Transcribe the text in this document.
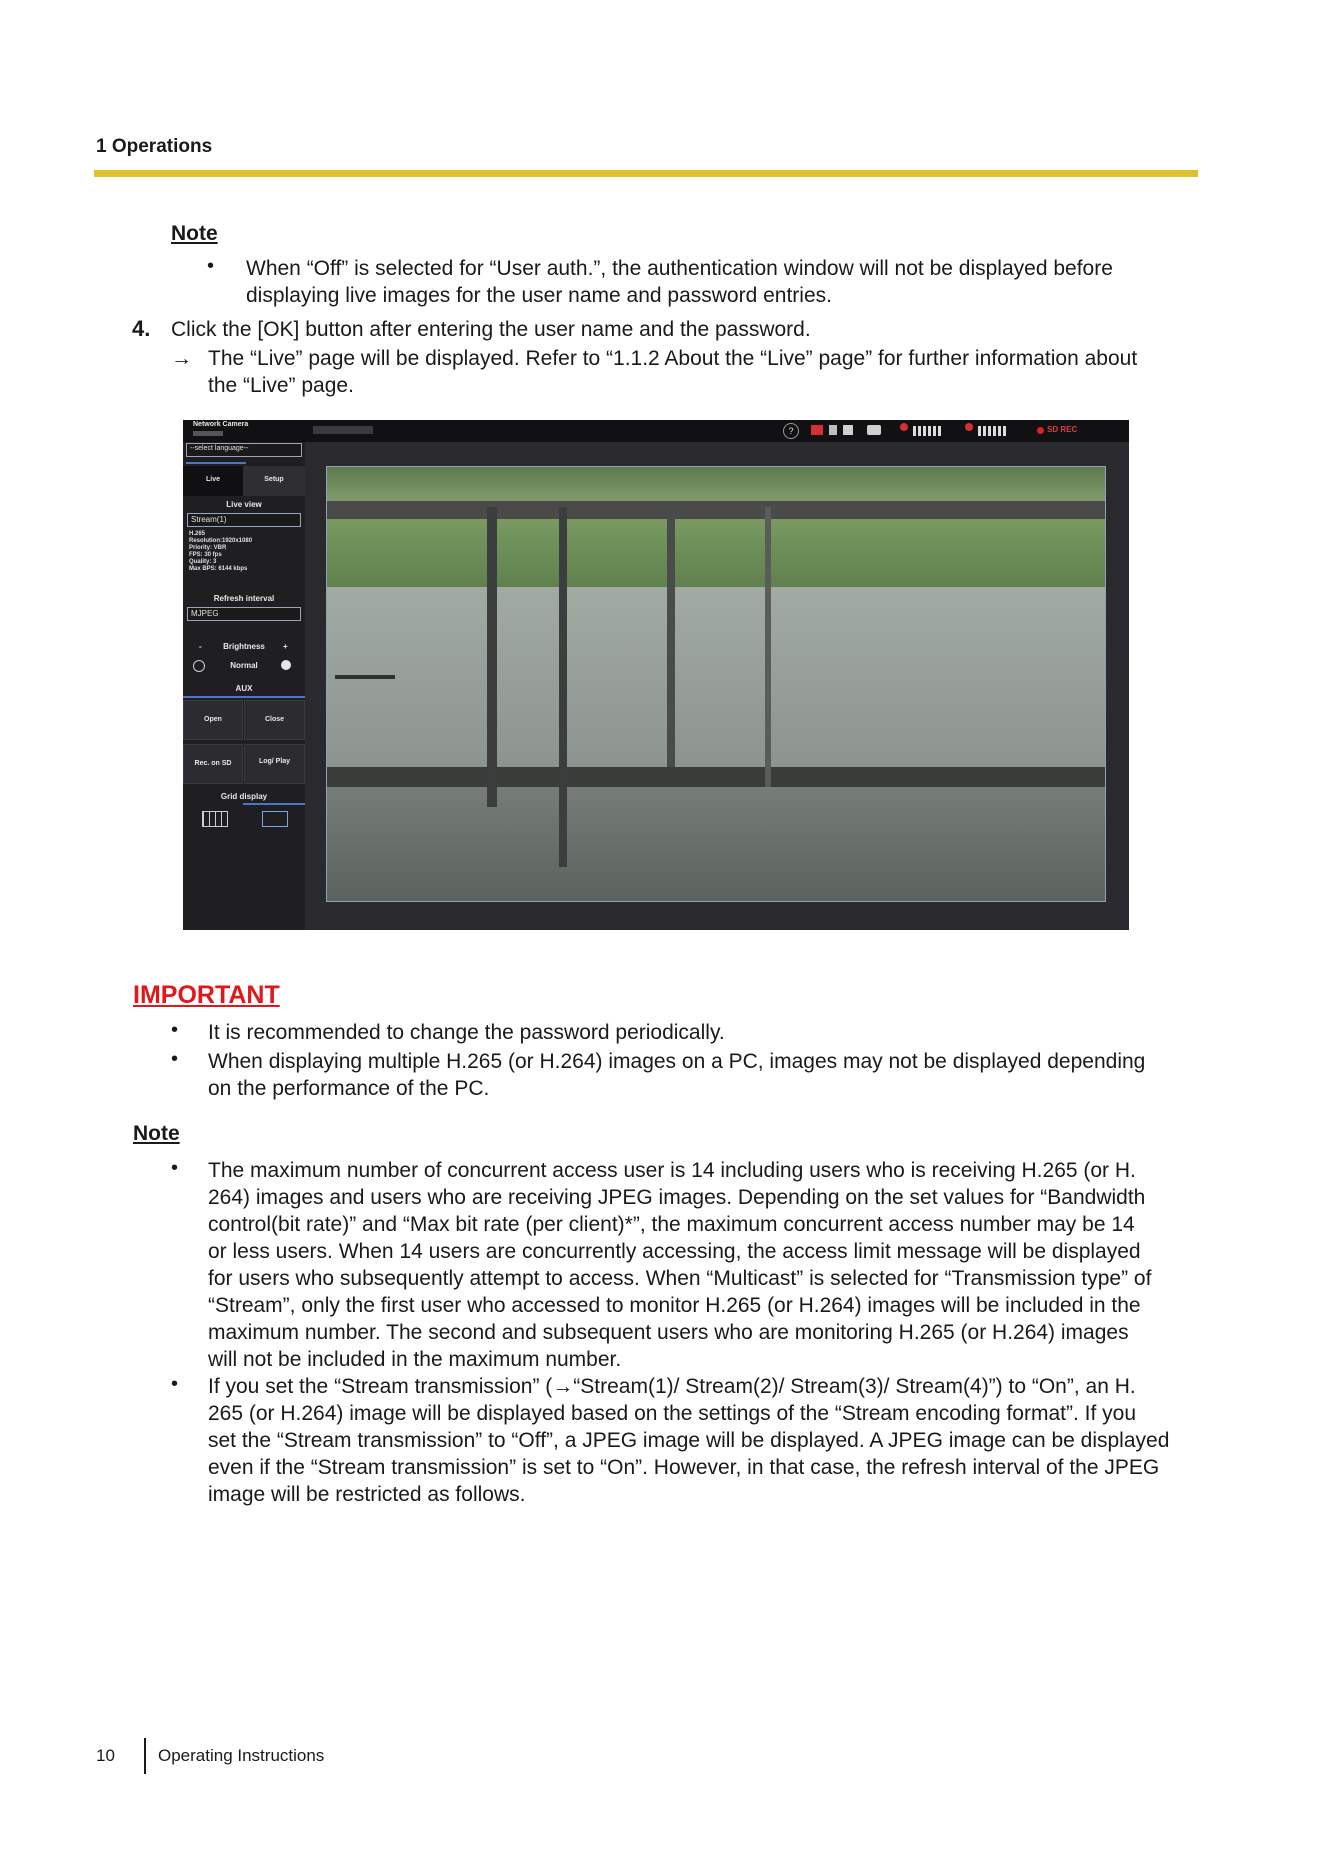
1 Operations
Note
• When “Off” is selected for “User auth.”, the authentication window will not be displayed before
displaying live images for the user name and password entries.
4. Click the [OK] button after entering the user name and the password.
→ The “Live” page will be displayed. Refer to “1.1.2 About the “Live” page” for further information about
the “Live” page.
Network Camera
?	SD REC
--select language--
Live	Setup
Live view
Stream(1)
H.265
Resolution:1920x1080
Priority: VBR
FPS: 30 fps
Quality: 3
Max BPS: 6144 kbps
Refresh interval
MJPEG
-	Brightness	+
Normal
AUX
Open	Close
Rec. on SD	Log/ Play
Grid display
IMPORTANT
• It is recommended to change the password periodically.
• When displaying multiple H.265 (or H.264) images on a PC, images may not be displayed depending
on the performance of the PC.
Note
• The maximum number of concurrent access user is 14 including users who is receiving H.265 (or H.
264) images and users who are receiving JPEG images. Depending on the set values for “Bandwidth
control(bit rate)” and “Max bit rate (per client)*”, the maximum concurrent access number may be 14
or less users. When 14 users are concurrently accessing, the access limit message will be displayed
for users who subsequently attempt to access. When “Multicast” is selected for “Transmission type” of
“Stream”, only the first user who accessed to monitor H.265 (or H.264) images will be included in the
maximum number. The second and subsequent users who are monitoring H.265 (or H.264) images
will not be included in the maximum number.
• If you set the “Stream transmission” (→“Stream(1)/ Stream(2)/ Stream(3)/ Stream(4)”) to “On”, an H.
265 (or H.264) image will be displayed based on the settings of the “Stream encoding format”. If you
set the “Stream transmission” to “Off”, a JPEG image will be displayed. A JPEG image can be displayed
even if the “Stream transmission” is set to “On”. However, in that case, the refresh interval of the JPEG
image will be restricted as follows.
10	Operating Instructions
